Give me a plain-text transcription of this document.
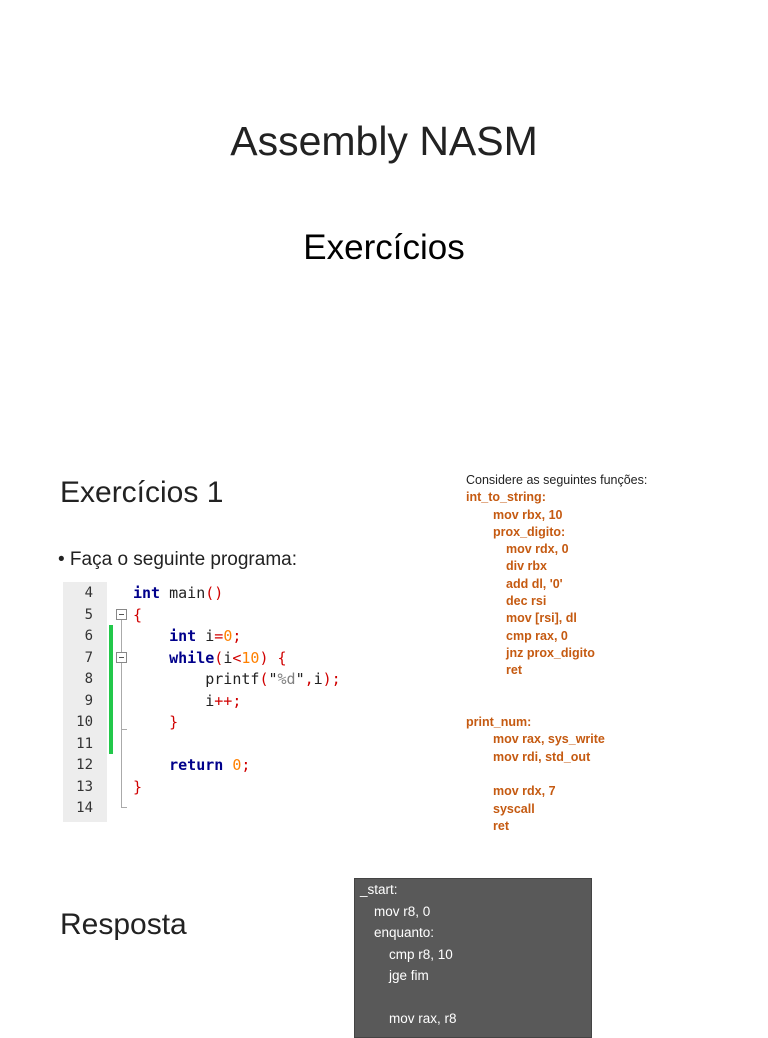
Assembly NASM
Exercícios
Exercícios 1
• Faça o seguinte programa:
4	int main()
5	{
6	int i=0;
7	while(i<10) {
8	printf("%d",i);
9	i++;
10	}
11
12	return 0;
13	}
14
Considere as seguintes funções:
int_to_string:
mov rbx, 10
prox_digito:
mov rdx, 0
div rbx
add dl, '0'
dec rsi
mov [rsi], dl
cmp rax, 0
jnz prox_digito
ret
print_num:
mov rax, sys_write
mov rdi, std_out
mov rdx, 7
syscall
ret
Resposta
_start:
mov r8, 0
enquanto:
cmp r8, 10
jge fim
mov rax, r8
